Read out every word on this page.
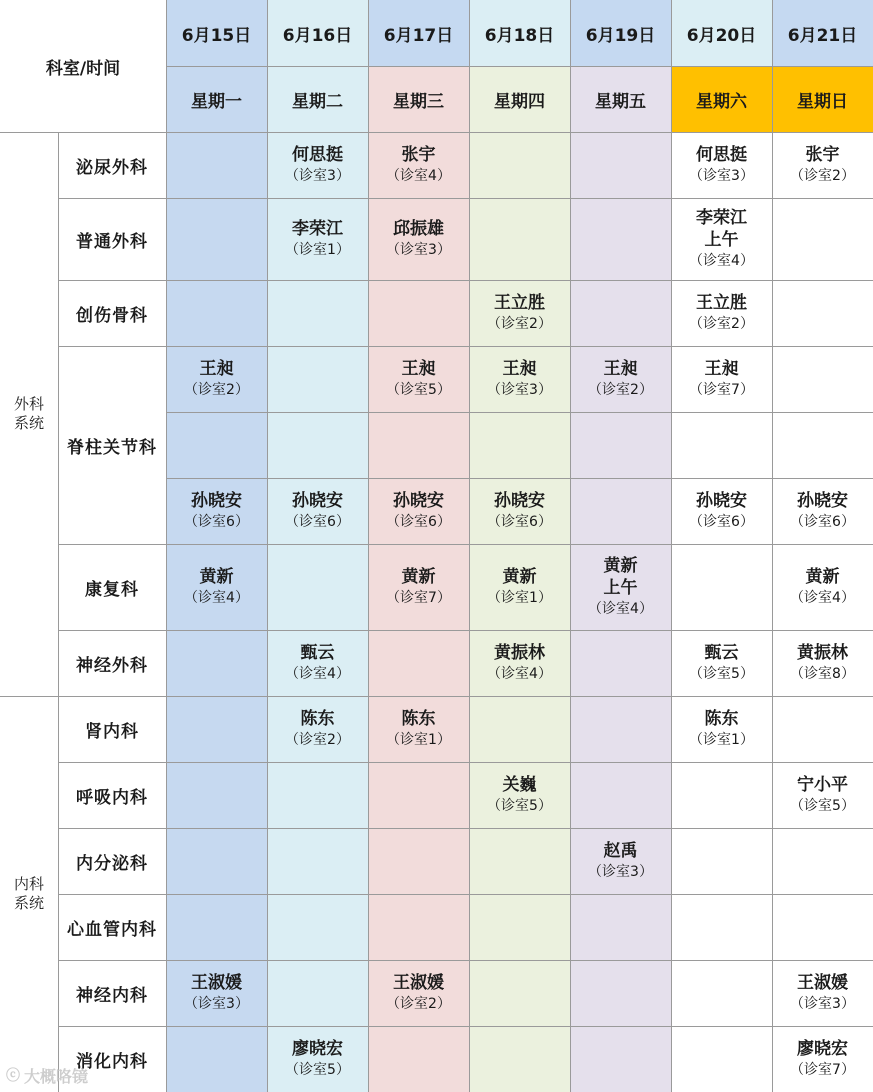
科室/时间
6月15日
星期一
6月16日
星期二
6月17日
星期三
6月18日
星期四
6月19日
星期五
6月20日
星期六
6月21日
星期日
外科
系统
内科
系统
泌尿外科
普通外科
创伤骨科
脊柱关节科
康复科
神经外科
肾内科
呼吸内科
内分泌科
心血管内科
神经内科
消化内科
何思挺
（诊室3）
张宇
（诊室4）
何思挺
（诊室3）
张宇
（诊室2）
李荣江
（诊室1）
邱振雄
（诊室3）
李荣江
上午
（诊室4）
王立胜
（诊室2）
王立胜
（诊室2）
王昶
（诊室2）
王昶
（诊室5）
王昶
（诊室3）
王昶
（诊室2）
王昶
（诊室7）
孙晓安
（诊室6）
孙晓安
（诊室6）
孙晓安
（诊室6）
孙晓安
（诊室6）
孙晓安
（诊室6）
孙晓安
（诊室6）
黄新
（诊室4）
黄新
（诊室7）
黄新
（诊室1）
黄新
上午
（诊室4）
黄新
（诊室4）
甄云
（诊室4）
黄振林
（诊室4）
甄云
（诊室5）
黄振林
（诊室8）
陈东
（诊室2）
陈东
（诊室1）
陈东
（诊室1）
关巍
（诊室5）
宁小平
（诊室5）
赵禹
（诊室3）
王淑媛
（诊室3）
王淑媛
（诊室2）
王淑媛
（诊室3）
廖晓宏
（诊室5）
廖晓宏
（诊室7）
ⓒ 大概咯镜
